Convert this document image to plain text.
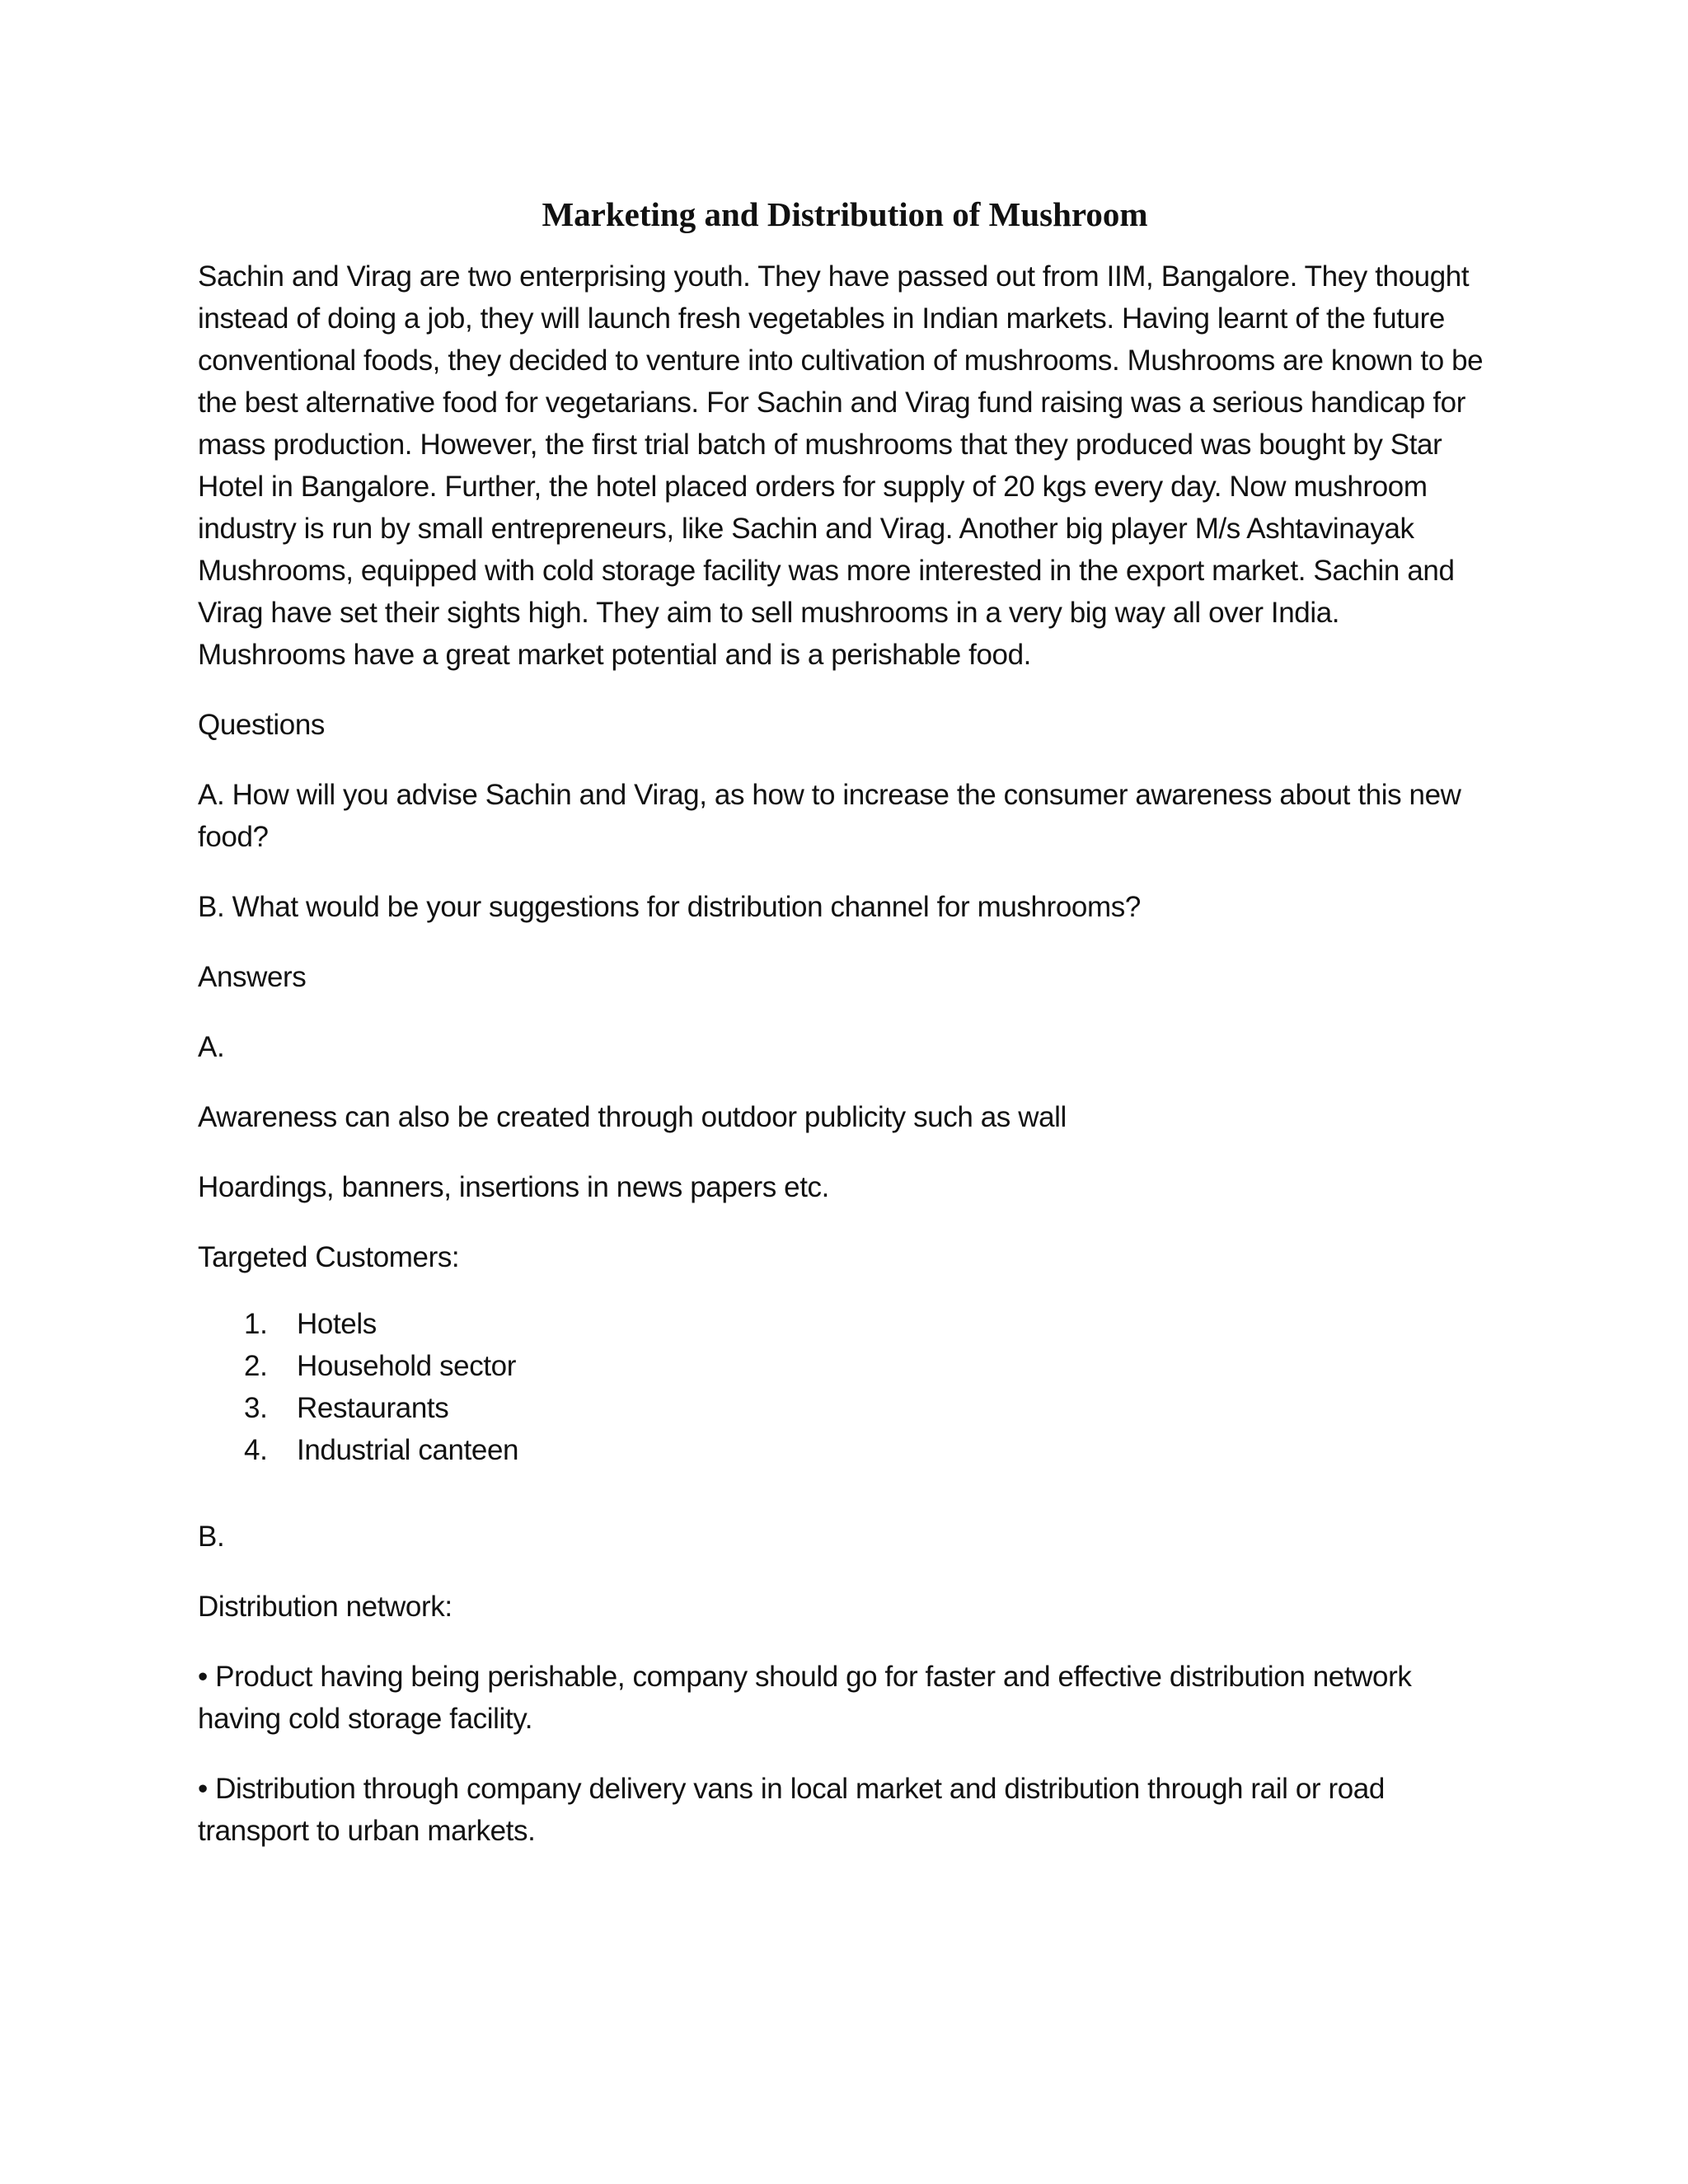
Marketing and Distribution of Mushroom

Sachin and Virag are two enterprising youth. They have passed out from IIM, Bangalore. They thought instead of doing a job, they will launch fresh vegetables in Indian markets. Having learnt of the future conventional foods, they decided to venture into cultivation of mushrooms. Mushrooms are known to be the best alternative food for vegetarians. For Sachin and Virag fund raising was a serious handicap for mass production. However, the first trial batch of mushrooms that they produced was bought by Star Hotel in Bangalore. Further, the hotel placed orders for supply of 20 kgs every day. Now mushroom industry is run by small entrepreneurs, like Sachin and Virag. Another big player M/s Ashtavinayak Mushrooms, equipped with cold storage facility was more interested in the export market. Sachin and Virag have set their sights high. They aim to sell mushrooms in a very big way all over India. Mushrooms have a great market potential and is a perishable food.

Questions

A. How will you advise Sachin and Virag, as how to increase the consumer awareness about this new food?

B. What would be your suggestions for distribution channel for mushrooms?

Answers

A.

Awareness can also be created through outdoor publicity such as wall

Hoardings, banners, insertions in news papers etc.

Targeted Customers:

1. Hotels
2. Household sector
3. Restaurants
4. Industrial canteen

B.

Distribution network:

• Product having being perishable, company should go for faster and effective distribution network having cold storage facility.

• Distribution through company delivery vans in local market and distribution through rail or road transport to urban markets.
